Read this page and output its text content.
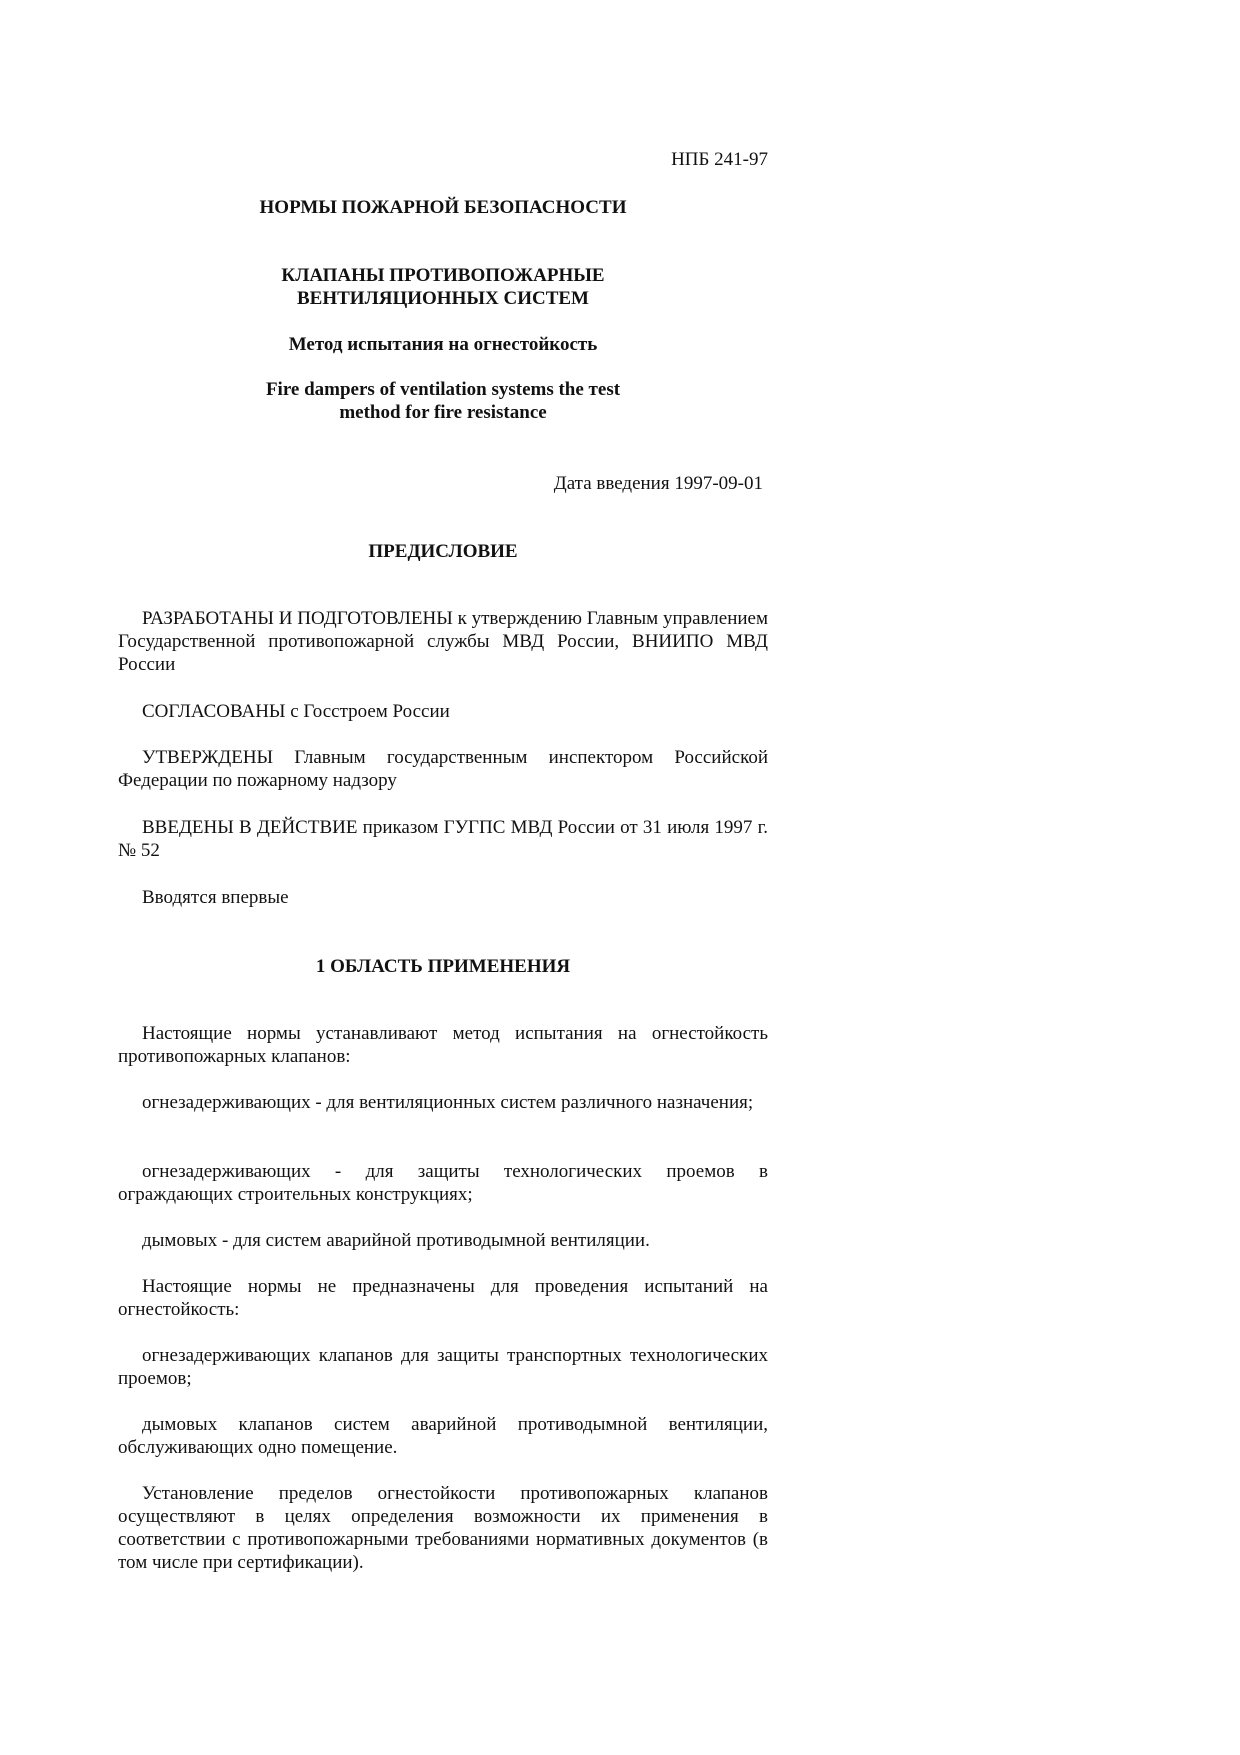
НПБ 241-97

НОРМЫ ПОЖАРНОЙ БЕЗОПАСНОСТИ

КЛАПАНЫ ПРОТИВОПОЖАРНЫЕ
ВЕНТИЛЯЦИОННЫХ СИСТЕМ

Метод испытания на огнестойкость

Fire dampers of ventilation systems the тest
method for fire resistance

Дата введения 1997-09-01

ПРЕДИСЛОВИЕ

РАЗРАБОТАНЫ И ПОДГОТОВЛЕНЫ к утверждению Главным управлением Государственной противопожарной службы МВД России, ВНИИПО МВД России

СОГЛАСОВАНЫ с Госстроем России

УТВЕРЖДЕНЫ Главным государственным инспектором Российской Федерации по пожарному надзору

ВВЕДЕНЫ В ДЕЙСТВИЕ приказом ГУГПС МВД России от 31 июля 1997 г. № 52

Вводятся впервые

1 ОБЛАСТЬ ПРИМЕНЕНИЯ

Настоящие нормы устанавливают метод испытания на огнестойкость противопожарных клапанов:

огнезадерживающих - для вентиляционных систем различного назначения;

огнезадерживающих - для защиты технологических проемов в ограждающих строительных конструкциях;

дымовых - для систем аварийной противодымной вентиляции.

Настоящие нормы не предназначены для проведения испытаний на огнестойкость:

огнезадерживающих клапанов для защиты транспортных технологических проемов;

дымовых клапанов систем аварийной противодымной вентиляции, обслуживающих одно помещение.

Установление пределов огнестойкости противопожарных клапанов осуществляют в целях определения возможности их применения в соответствии с противопожарными требованиями нормативных документов (в том числе при сертификации).
